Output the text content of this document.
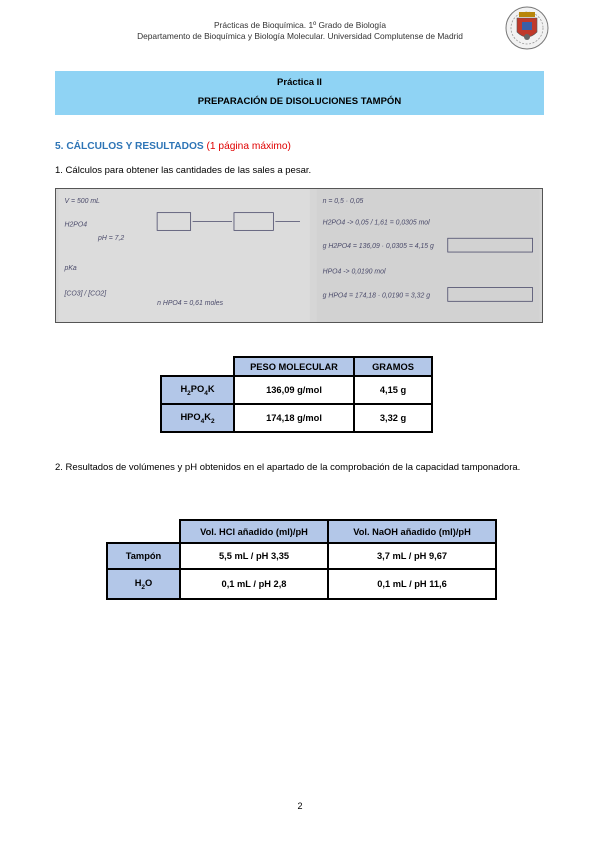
Prácticas de Bioquímica. 1º Grado de Biología
Departamento de Bioquímica y Biología Molecular. Universidad Complutense de Madrid
Práctica II
PREPARACIÓN DE DISOLUCIONES TAMPÓN
5. CÁLCULOS Y RESULTADOS (1 página máximo)
1. Cálculos para obtener las cantidades de las sales a pesar.
V = 500 mL
H2PO4
pH = 7,2
pKa
[CO3] / [CO2]
n HPO4 = 0,61 moles
n = 0,5 · 0,05
H2PO4 -> 0,05 / 1,61 = 0,0305 mol
g H2PO4 = 136,09 · 0,0305 = 4,15 g
HPO4 -> 0,0190 mol
g HPO4 = 174,18 · 0,0190 = 3,32 g
	PESO MOLECULAR	GRAMOS
$H_2PO_4K$	136,09 g/mol	4,15 g
$HPO_4K_2$	174,18 g/mol	3,32 g
2. Resultados de volúmenes y pH obtenidos en el apartado de la comprobación de la capacidad tamponadora.
	Vol. HCl añadido (ml)/pH	Vol. NaOH añadido (ml)/pH
Tampón	5,5 mL / pH 3,35	3,7 mL / pH 9,67
$H_2O$	0,1 mL / pH 2,8	0,1 mL / pH 11,6
2
